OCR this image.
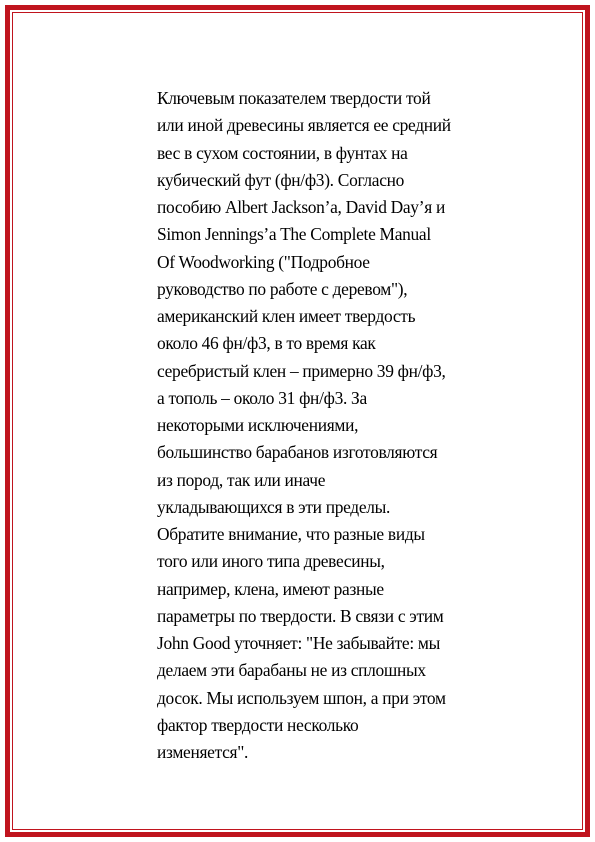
Ключевым показателем твердости той
или иной древесины является ее средний
вес в сухом состоянии, в фунтах на
кубический фут (фн/ф3). Согласно
пособию Albert Jackson’a, David Day’я и
Simon Jennings’a The Complete Manual
Of Woodworking ("Подробное
руководство по работе с деревом"),
американский клен имеет твердость
около 46 фн/ф3, в то время как
серебристый клен – примерно 39 фн/ф3,
а тополь – около 31 фн/ф3. За
некоторыми исключениями,
большинство барабанов изготовляются
из пород, так или иначе
укладывающихся в эти пределы.
Обратите внимание, что разные виды
того или иного типа древесины,
например, клена, имеют разные
параметры по твердости. В связи с этим
John Good уточняет: "Не забывайте: мы
делаем эти барабаны не из сплошных
досок. Мы используем шпон, а при этом
фактор твердости несколько
изменяется".
